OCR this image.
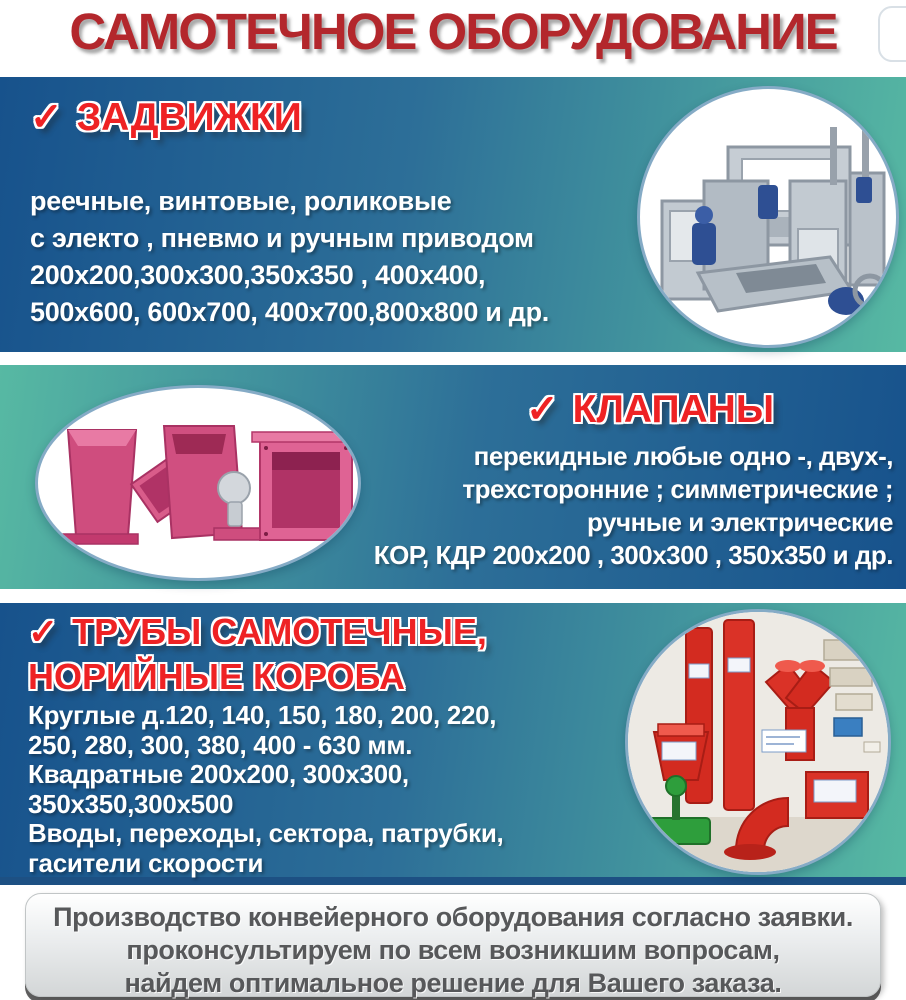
САМОТЕЧНОЕ ОБОРУДОВАНИЕ
✓ ЗАДВИЖКИ
реечные, винтовые, роликовые
с электо , пневмо и ручным приводом
200х200,300х300,350х350 , 400х400,
500х600, 600х700, 400х700,800х800 и др.
✓ КЛАПАНЫ
перекидные любые одно -, двух-,
трехсторонние ; симметрические ;
ручные и электрические
КОР, КДР 200х200 , 300х300 , 350х350 и др.
✓ ТРУБЫ САМОТЕЧНЫЕ,
НОРИЙНЫЕ КОРОБА
Круглые д.120, 140, 150, 180, 200, 220,
250, 280, 300, 380, 400 - 630 мм.
Квадратные 200х200, 300х300,
350х350,300х500
Вводы, переходы, сектора, патрубки,
гасители скорости
Производство конвейерного оборудования согласно заявки.
проконсультируем по всем возникшим вопросам,
найдем оптимальное решение для Вашего заказа.
